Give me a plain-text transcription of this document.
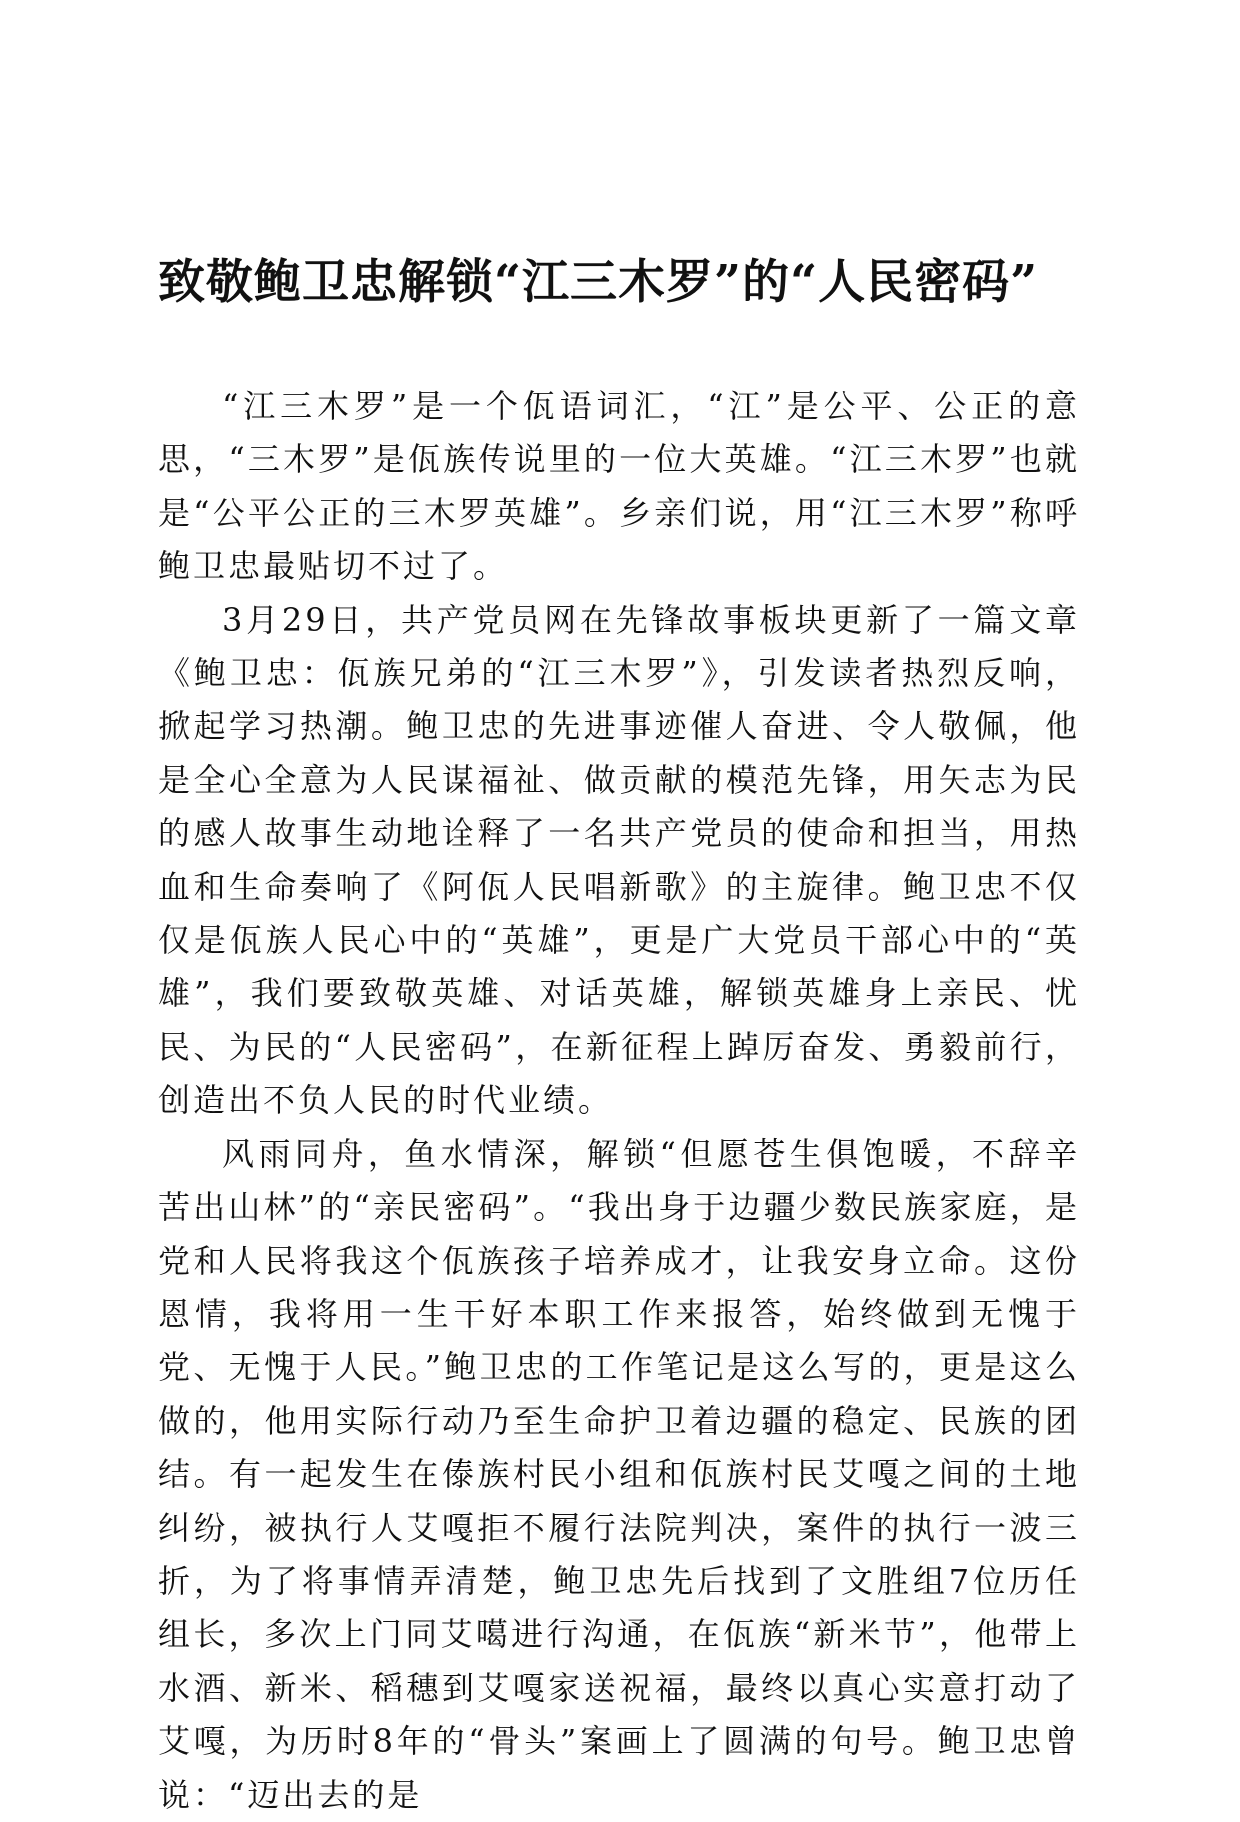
致敬鲍卫忠解锁“江三木罗”的“人民密码”

“江三木罗”是一个佤语词汇，“江”是公平、公正的意思，“三木罗”是佤族传说里的一位大英雄。“江三木罗”也就是“公平公正的三木罗英雄”。乡亲们说，用“江三木罗”称呼鲍卫忠最贴切不过了。

3月29日，共产党员网在先锋故事板块更新了一篇文章《鲍卫忠：佤族兄弟的“江三木罗”》，引发读者热烈反响，掀起学习热潮。鲍卫忠的先进事迹催人奋进、令人敬佩，他是全心全意为人民谋福祉、做贡献的模范先锋，用矢志为民的感人故事生动地诠释了一名共产党员的使命和担当，用热血和生命奏响了《阿佤人民唱新歌》的主旋律。鲍卫忠不仅仅是佤族人民心中的“英雄”，更是广大党员干部心中的“英雄”，我们要致敬英雄、对话英雄，解锁英雄身上亲民、忧民、为民的“人民密码”，在新征程上踔厉奋发、勇毅前行，创造出不负人民的时代业绩。

风雨同舟，鱼水情深，解锁“但愿苍生俱饱暖，不辞辛苦出山林”的“亲民密码”。“我出身于边疆少数民族家庭，是党和人民将我这个佤族孩子培养成才，让我安身立命。这份恩情，我将用一生干好本职工作来报答，始终做到无愧于党、无愧于人民。”鲍卫忠的工作笔记是这么写的，更是这么做的，他用实际行动乃至生命护卫着边疆的稳定、民族的团结。有一起发生在傣族村民小组和佤族村民艾嘎之间的土地纠纷，被执行人艾嘎拒不履行法院判决，案件的执行一波三折，为了将事情弄清楚，鲍卫忠先后找到了文胜组7位历任组长，多次上门同艾噶进行沟通，在佤族“新米节”，他带上水酒、新米、稻穗到艾嘎家送祝福，最终以真心实意打动了艾嘎，为历时8年的“骨头”案画上了圆满的句号。鲍卫忠曾说：“迈出去的是
